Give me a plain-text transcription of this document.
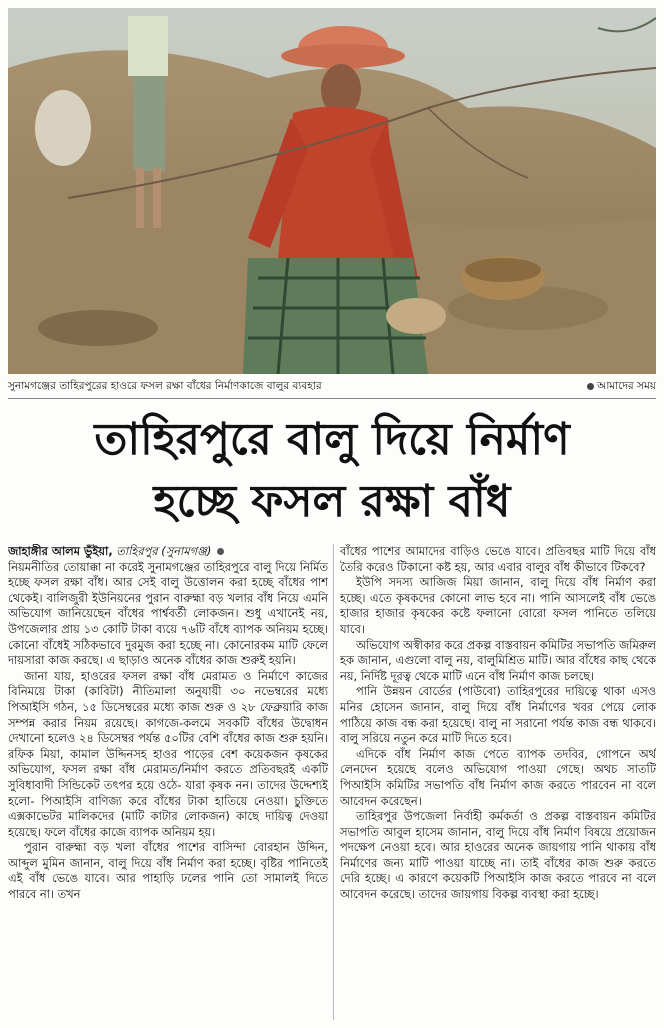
সুনামগঞ্জের তাহিরপুরের হাওরে ফসল রক্ষা বাঁধের নির্মাণকাজে বালুর ব্যবহার	আমাদের সময়
তাহিরপুরে বালু দিয়ে নির্মাণ
হচ্ছে ফসল রক্ষা বাঁধ

জাহাঙ্গীর আলম ভুঁইয়া, তাহিরপুর (সুনামগঞ্জ)

নিয়মনীতির তোয়াক্কা না করেই সুনামগঞ্জের তাহিরপুরে বালু দিয়ে নির্মিত হচ্ছে ফসল রক্ষা বাঁধ। আর সেই বালু উত্তোলন করা হচ্ছে বাঁধের পাশ থেকেই। বালিজুরী ইউনিয়নের পুরান বারুহ্মা বড় খলার বাঁধ নিয়ে এমনি অভিযোগ জানিয়েছেন বাঁধের পার্শ্ববর্তী লোকজন। শুধু এখানেই নয়, উপজেলার প্রায় ১৩ কোটি টাকা ব্যয়ে ৭৬টি বাঁধে ব্যাপক অনিয়ম হচ্ছে। কোনো বাঁধেই সঠিকভাবে দুরমুজ করা হচ্ছে না। কোনোরকম মাটি ফেলে দায়সারা কাজ করছে। এ ছাড়াও অনেক বাঁধের কাজ শুরুই হয়নি।

জানা যায়, হাওরের ফসল রক্ষা বাঁধ মেরামত ও নির্মাণে কাজের বিনিময়ে টাকা (কাবিটা) নীতিমালা অনুযায়ী ৩০ নভেম্বরের মধ্যে পিআইসি গঠন, ১৫ ডিসেম্বরের মধ্যে কাজ শুরু ও ২৮ ফেব্রুয়ারি কাজ সম্পন্ন করার নিয়ম রয়েছে। কাগজে-কলমে সবকটি বাঁধের উদ্বোধন দেখানো হলেও ২৪ ডিসেম্বর পর্যন্ত ৫০টির বেশি বাঁধের কাজ শুরু হয়নি। রফিক মিয়া, কামাল উদ্দিনসহ হাওর পাড়ের বেশ কয়েকজন কৃষকের অভিযোগ, ফসল রক্ষা বাঁধ মেরামত/নির্মাণ করতে প্রতিবছরই একটি সুবিধাবাদী সিন্ডিকেট তৎপর হয়ে ওঠে- যারা কৃষক নন। তাদের উদ্দেশ্যই হলো- পিআইসি বাণিজ্য করে বাঁধের টাকা হাতিয়ে নেওয়া। চুক্তিতে এক্সকাভেটর মালিকদের (মাটি কাটার লোকজন) কাছে দায়িত্ব দেওয়া হয়েছে। ফলে বাঁধের কাজে ব্যাপক অনিয়ম হয়।

পুরান বারুহ্মা বড় খলা বাঁধের পাশের বাসিন্দা বোরহান উদ্দিন, আব্দুল মুমিন জানান, বালু দিয়ে বাঁধ নির্মাণ করা হচ্ছে। বৃষ্টির পানিতেই এই বাঁধ ভেঙে যাবে। আর পাহাড়ি ঢলের পানি তো সামালই দিতে পারবে না। তখন

বাঁধের পাশের আমাদের বাড়িও ভেঙে যাবে। প্রতিবছর মাটি দিয়ে বাঁধ তৈরি করেও টিকানো কষ্ট হয়, আর এবার বালুর বাঁধ কীভাবে টিকবে?

ইউপি সদস্য আজিজ মিয়া জানান, বালু দিয়ে বাঁধ নির্মাণ করা হচ্ছে। এতে কৃষকদের কোনো লাভ হবে না। পানি আসলেই বাঁধ ভেঙে হাজার হাজার কৃষকের কষ্টে ফলানো বোরো ফসল পানিতে তলিয়ে যাবে।

অভিযোগ অস্বীকার করে প্রকল্প বাস্তবায়ন কমিটির সভাপতি জমিরুল হক জানান, এগুলো বালু নয়, বালুমিশ্রিত মাটি। আর বাঁধের কাছ থেকে নয়, নির্দিষ্ট দূরত্ব থেকে মাটি এনে বাঁধ নির্মাণ কাজ চলছে।

পানি উন্নয়ন বোর্ডের (পাউবো) তাহিরপুরের দায়িত্বে থাকা এসও মনির হোসেন জানান, বালু দিয়ে বাঁধ নির্মাণের খবর পেয়ে লোক পাঠিয়ে কাজ বন্ধ করা হয়েছে। বালু না সরানো পর্যন্ত কাজ বন্ধ থাকবে। বালু সরিয়ে নতুন করে মাটি দিতে হবে।

এদিকে বাঁধ নির্মাণ কাজ পেতে ব্যাপক তদবির, গোপনে অর্থ লেনদেন হয়েছে বলেও অভিযোগ পাওয়া গেছে। অথচ সাতটি পিআইসি কমিটির সভাপতি বাঁধ নির্মাণ কাজ করতে পারবেন না বলে আবেদন করেছেন।

তাহিরপুর উপজেলা নির্বাহী কর্মকর্তা ও প্রকল্প বাস্তবায়ন কমিটির সভাপতি আবুল হাসেম জানান, বালু দিয়ে বাঁধ নির্মাণ বিষয়ে প্রয়োজন পদক্ষেপ নেওয়া হবে। আর হাওরের অনেক জায়গায় পানি থাকায় বাঁধ নির্মাণের জন্য মাটি পাওয়া যাচ্ছে না। তাই বাঁধের কাজ শুরু করতে দেরি হচ্ছে। এ কারণে কয়েকটি পিআইসি কাজ করতে পারবে না বলে আবেদন করেছে। তাদের জায়গায় বিকল্প ব্যবস্থা করা হচ্ছে।
